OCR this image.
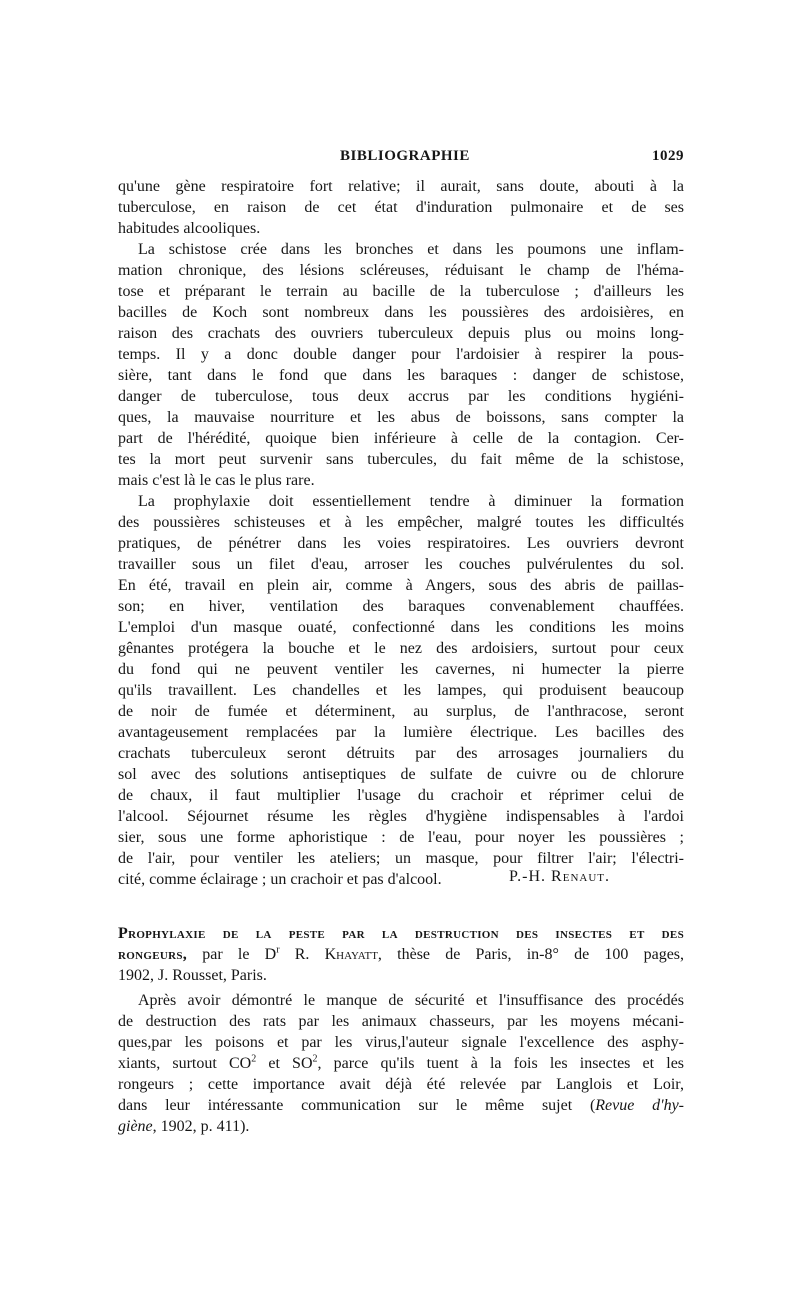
BIBLIOGRAPHIE	1029
qu'une gène respiratoire fort relative; il aurait, sans doute, abouti à la
tuberculose, en raison de cet état d'induration pulmonaire et de ses
habitudes alcooliques.
La schistose crée dans les bronches et dans les poumons une inflam-
mation chronique, des lésions scléreuses, réduisant le champ de l'héma-
tose et préparant le terrain au bacille de la tuberculose ; d'ailleurs les
bacilles de Koch sont nombreux dans les poussières des ardoisières, en
raison des crachats des ouvriers tuberculeux depuis plus ou moins long-
temps. Il y a donc double danger pour l'ardoisier à respirer la pous-
sière, tant dans le fond que dans les baraques : danger de schistose,
danger de tuberculose, tous deux accrus par les conditions hygiéni-
ques, la mauvaise nourriture et les abus de boissons, sans compter la
part de l'hérédité, quoique bien inférieure à celle de la contagion. Cer-
tes la mort peut survenir sans tubercules, du fait même de la schistose,
mais c'est là le cas le plus rare.
La prophylaxie doit essentiellement tendre à diminuer la formation
des poussières schisteuses et à les empêcher, malgré toutes les difficultés
pratiques, de pénétrer dans les voies respiratoires. Les ouvriers devront
travailler sous un filet d'eau, arroser les couches pulvérulentes du sol.
En été, travail en plein air, comme à Angers, sous des abris de paillas-
son; en hiver, ventilation des baraques convenablement chauffées.
L'emploi d'un masque ouaté, confectionné dans les conditions les moins
gênantes protégera la bouche et le nez des ardoisiers, surtout pour ceux
du fond qui ne peuvent ventiler les cavernes, ni humecter la pierre
qu'ils travaillent. Les chandelles et les lampes, qui produisent beaucoup
de noir de fumée et déterminent, au surplus, de l'anthracose, seront
avantageusement remplacées par la lumière électrique. Les bacilles des
crachats tuberculeux seront détruits par des arrosages journaliers du
sol avec des solutions antiseptiques de sulfate de cuivre ou de chlorure
de chaux, il faut multiplier l'usage du crachoir et réprimer celui de
l'alcool. Séjournet résume les règles d'hygiène indispensables à l'ardoi
sier, sous une forme aphoristique : de l'eau, pour noyer les poussières ;
de l'air, pour ventiler les ateliers; un masque, pour filtrer l'air; l'électri-
cité, comme éclairage ; un crachoir et pas d'alcool.	P.-H. Renaut.
Prophylaxie de la peste par la destruction des insectes et des
rongeurs, par le $D^r$ R. Khayatt, thèse de Paris, in-8° de 100 pages,
1902, J. Rousset, Paris.
Après avoir démontré le manque de sécurité et l'insuffisance des procédés
de destruction des rats par les animaux chasseurs, par les moyens mécani-
ques,par les poisons et par les virus,l'auteur signale l'excellence des asphy-
xiants, surtout $CO^2$ et $SO^2$, parce qu'ils tuent à la fois les insectes et les
rongeurs ; cette importance avait déjà été relevée par Langlois et Loir,
dans leur intéressante communication sur le même sujet (Revue d'hy-
giène, 1902, p. 411).
